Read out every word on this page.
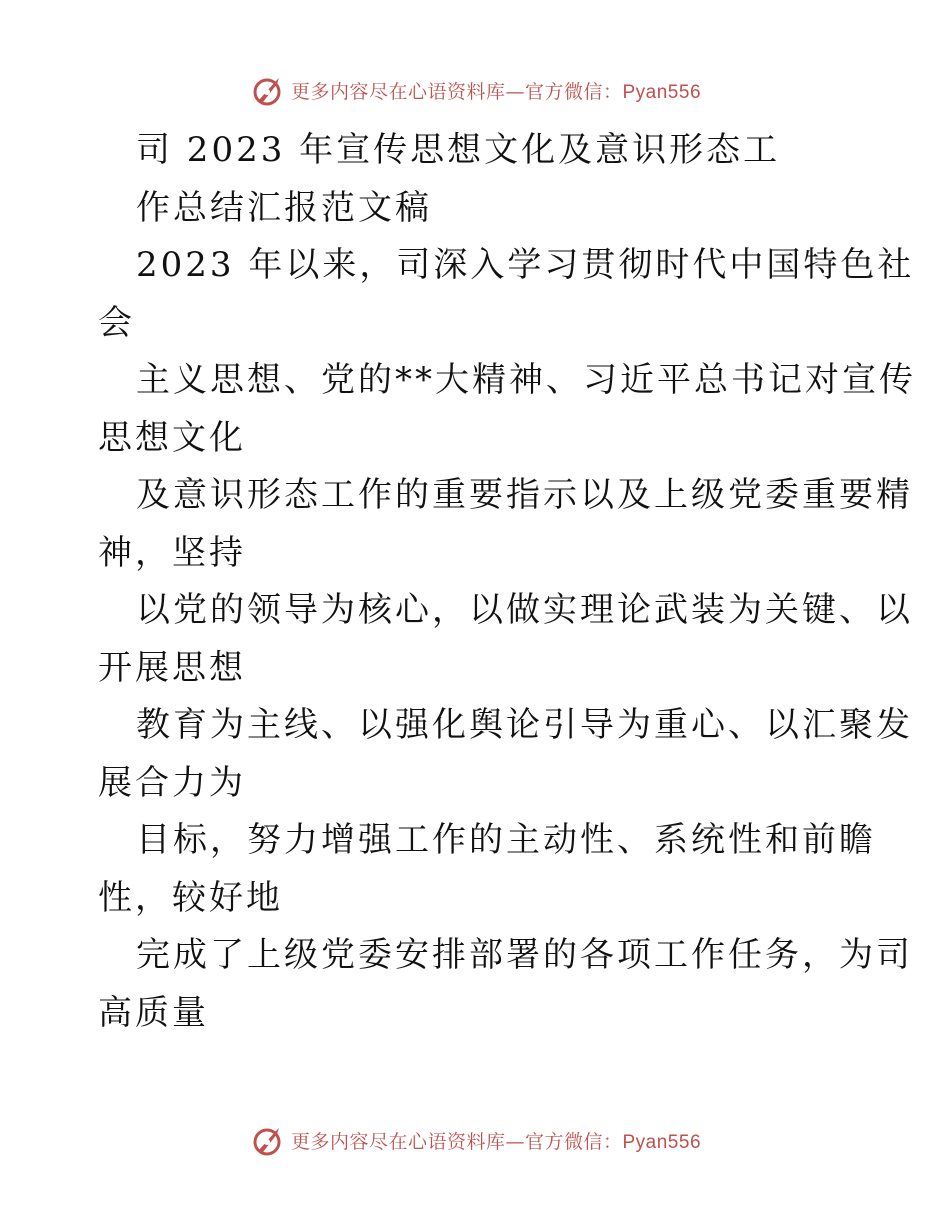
更多内容尽在心语资料库—官方微信：Pyan556
司 2023 年宣传思想文化及意识形态工
作总结汇报范文稿
2023 年以来，司深入学习贯彻时代中国特色社
会
主义思想、党的**大精神、习近平总书记对宣传
思想文化
及意识形态工作的重要指示以及上级党委重要精
神，坚持
以党的领导为核心，以做实理论武装为关键、以
开展思想
教育为主线、以强化舆论引导为重心、以汇聚发
展合力为
目标，努力增强工作的主动性、系统性和前瞻
性，较好地
完成了上级党委安排部署的各项工作任务，为司
高质量
更多内容尽在心语资料库—官方微信：Pyan556
